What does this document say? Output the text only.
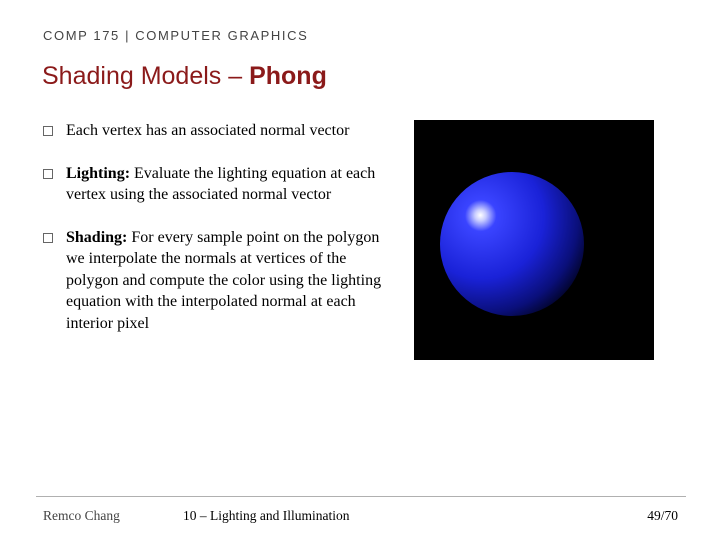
COMP 175 | COMPUTER GRAPHICS
Shading Models – Phong
Each vertex has an associated normal vector
Lighting: Evaluate the lighting equation at each vertex using the associated normal vector
Shading: For every sample point on the polygon we interpolate the normals at vertices of the polygon and compute the color using the lighting equation with the interpolated normal at each interior pixel
Remco Chang	10 – Lighting and Illumination	49/70
